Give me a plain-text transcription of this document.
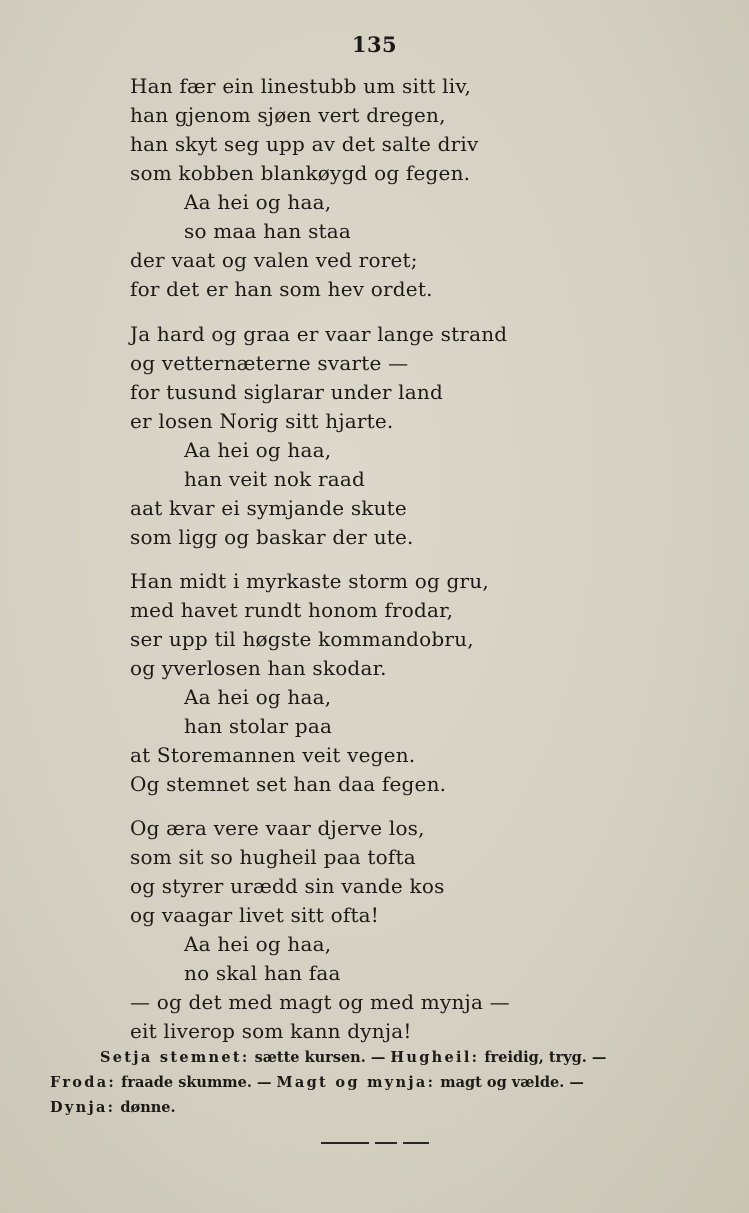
135
Han fær ein linestubb um sitt liv,
han gjenom sjøen vert dregen,
han skyt seg upp av det salte driv
som kobben blankøygd og fegen.
Aa hei og haa,
so maa han staa
der vaat og valen ved roret;
for det er han som hev ordet.
Ja hard og graa er vaar lange strand
og vetternæterne svarte —
for tusund siglarar under land
er losen Norig sitt hjarte.
Aa hei og haa,
han veit nok raad
aat kvar ei symjande skute
som ligg og baskar der ute.
Han midt i myrkaste storm og gru,
med havet rundt honom frodar,
ser upp til høgste kommandobru,
og yverlosen han skodar.
Aa hei og haa,
han stolar paa
at Storemannen veit vegen.
Og stemnet set han daa fegen.
Og æra vere vaar djerve los,
som sit so hugheil paa tofta
og styrer urædd sin vande kos
og vaagar livet sitt ofta!
Aa hei og haa,
no skal han faa
— og det med magt og med mynja —
eit liverop som kann dynja!
Setja stemnet: sætte kursen. — Hugheil: freidig, tryg. —
Froda: fraade skumme. — Magt og mynja: magt og vælde. —
Dynja: dønne.
